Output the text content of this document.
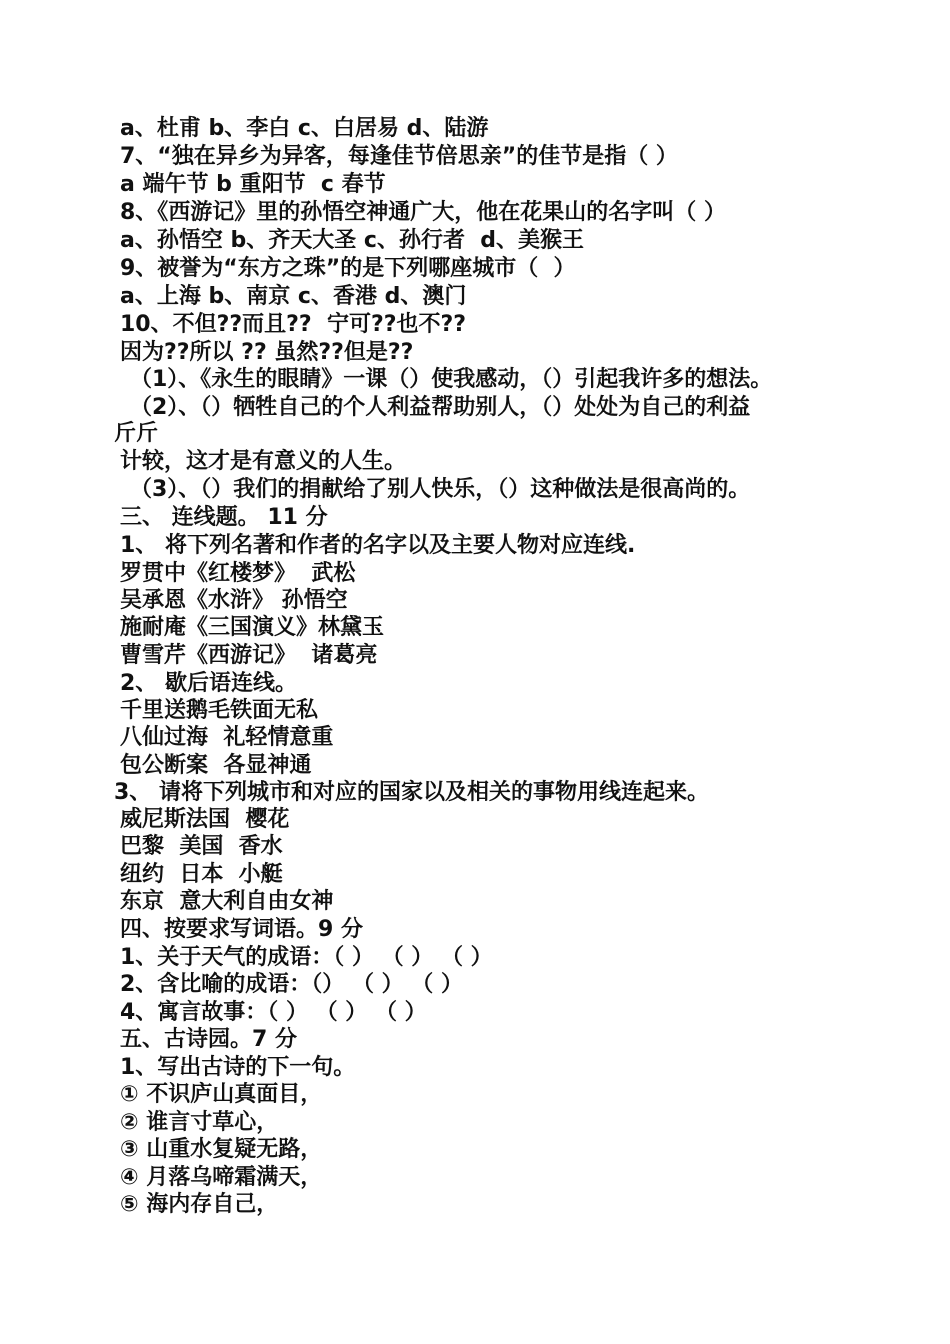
a、杜甫 b、李白 c、白居易 d、陆游
7、“独在异乡为异客，每逢佳节倍思亲”的佳节是指（ ）
a 端午节 b 重阳节  c 春节
8、《西游记》里的孙悟空神通广大，他在花果山的名字叫（ ）
a、孙悟空 b、齐天大圣 c、孙行者  d、美猴王
9、被誉为“东方之珠”的是下列哪座城市（  ）
a、上海 b、南京 c、香港 d、澳门
10、不但??而且??  宁可??也不??
因为??所以 ?? 虽然??但是??
（1）、《永生的眼睛》一课（）使我感动，（）引起我许多的想法。
（2）、（）牺牲自己的个人利益帮助别人，（）处处为自己的利益
斤斤
计较，这才是有意义的人生。
（3）、（）我们的捐献给了别人快乐，（）这种做法是很高尚的。
三、 连线题。 11 分
1、 将下列名著和作者的名字以及主要人物对应连线.
罗贯中《红楼梦》  武松
吴承恩《水浒》 孙悟空
施耐庵《三国演义》林黛玉
曹雪芹《西游记》  诸葛亮
2、 歇后语连线。
千里送鹅毛铁面无私
八仙过海  礼轻情意重
包公断案  各显神通
3、 请将下列城市和对应的国家以及相关的事物用线连起来。
威尼斯法国  樱花
巴黎  美国  香水
纽约  日本  小艇
东京  意大利自由女神
四、按要求写词语。9 分
1、关于天气的成语：（ ） （ ） （ ）
2、含比喻的成语：（） （ ） （ ）
4、寓言故事：（ ） （ ） （ ）
五、古诗园。7 分
1、写出古诗的下一句。
① 不识庐山真面目，
② 谁言寸草心，
③ 山重水复疑无路，
④ 月落乌啼霜满天，
⑤ 海内存自己，
